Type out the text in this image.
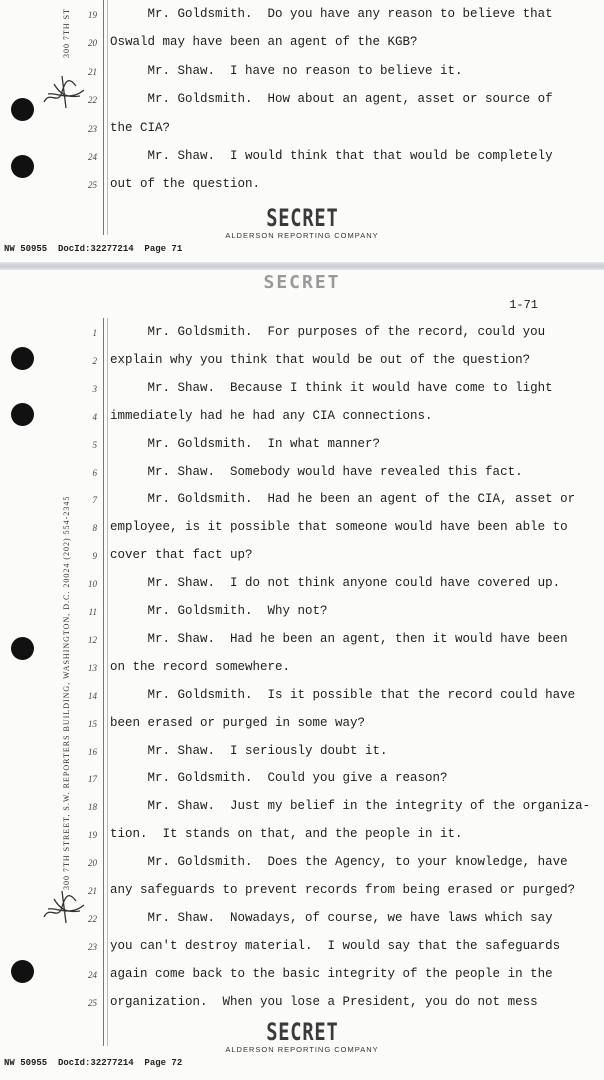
300 7TH ST	19 Mr. Goldsmith.  Do you have any reason to believe that
20 Oswald may have been an agent of the KGB?
21 Mr. Shaw.  I have no reason to believe it.
22 Mr. Goldsmith.  How about an agent, asset or source of
23 the CIA?
24 Mr. Shaw.  I would think that that would be completely
25 out of the question.
SECRET
ALDERSON REPORTING COMPANY
NW 50955  DocId:32277214  Page 71
SECRET
1-71
300 7TH STREET, S.W. REPORTERS BUILDING, WASHINGTON, D.C. 20024 (202) 554-2345
1 Mr. Goldsmith.  For purposes of the record, could you
2 explain why you think that would be out of the question?
3 Mr. Shaw.  Because I think it would have come to light
4 immediately had he had any CIA connections.
5 Mr. Goldsmith.  In what manner?
6 Mr. Shaw.  Somebody would have revealed this fact.
7 Mr. Goldsmith.  Had he been an agent of the CIA, asset or
8 employee, is it possible that someone would have been able to
9 cover that fact up?
10 Mr. Shaw.  I do not think anyone could have covered up.
11 Mr. Goldsmith.  Why not?
12 Mr. Shaw.  Had he been an agent, then it would have been
13 on the record somewhere.
14 Mr. Goldsmith.  Is it possible that the record could have
15 been erased or purged in some way?
16 Mr. Shaw.  I seriously doubt it.
17 Mr. Goldsmith.  Could you give a reason?
18 Mr. Shaw.  Just my belief in the integrity of the organiza-
19 tion.  It stands on that, and the people in it.
20 Mr. Goldsmith.  Does the Agency, to your knowledge, have
21 any safeguards to prevent records from being erased or purged?
22 Mr. Shaw.  Nowadays, of course, we have laws which say
23 you can't destroy material.  I would say that the safeguards
24 again come back to the basic integrity of the people in the
25 organization.  When you lose a President, you do not mess
SECRET
ALDERSON REPORTING COMPANY
NW 50955  DocId:32277214  Page 72
